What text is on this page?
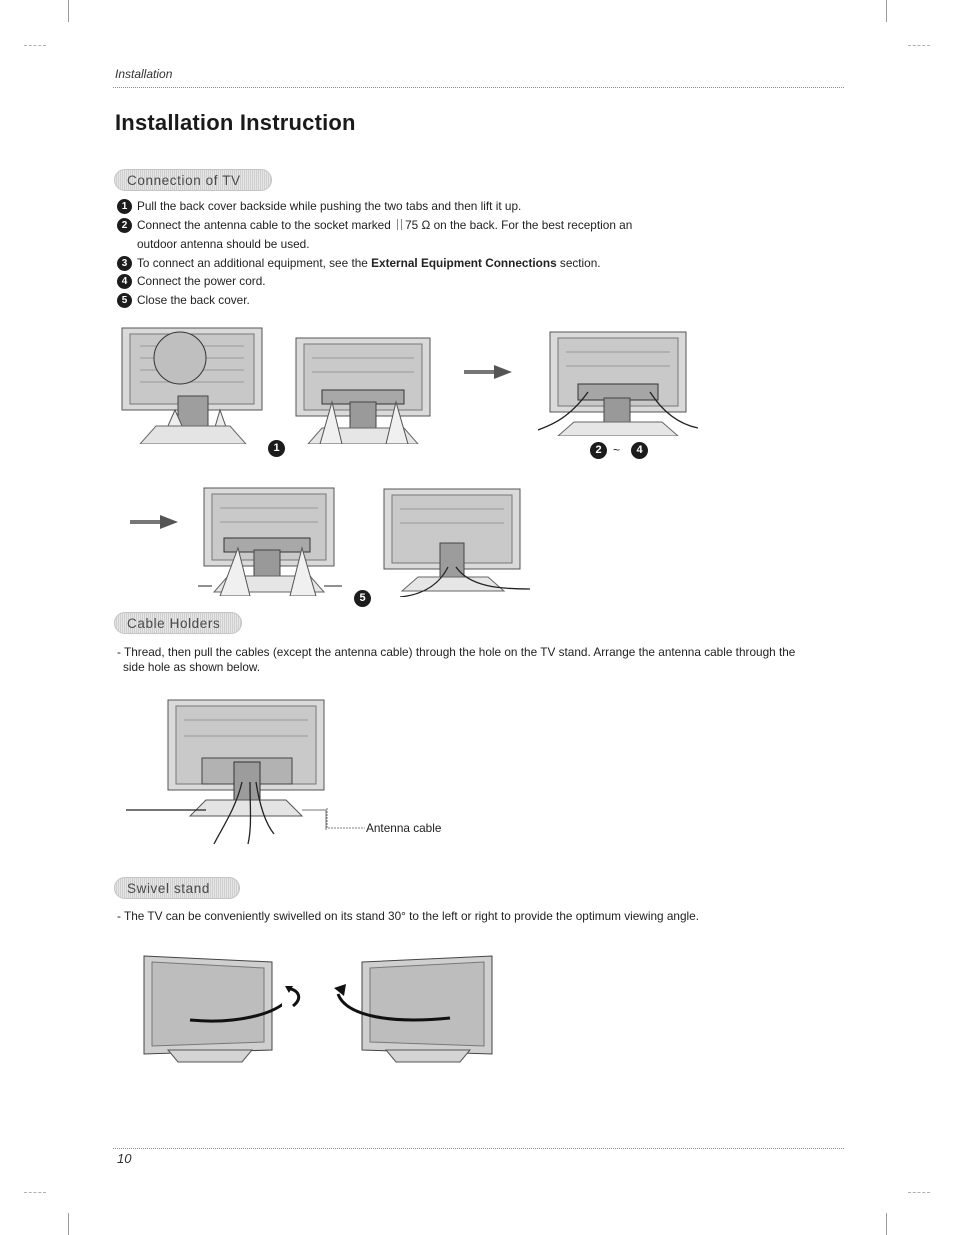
Installation
Installation Instruction
Connection of TV
1 Pull the back cover backside while pushing the two tabs and then lift it up.
2 Connect the antenna cable to the socket marked 75 Ω on the back. For the best reception an
outdoor antenna should be used.
3 To connect an additional equipment, see the External Equipment Connections section.
4 Connect the power cord.
5 Close the back cover.
1	2 ~	4
5
Cable Holders
- Thread, then pull the cables (except the antenna cable) through the hole on the TV stand. Arrange the antenna cable through the
side hole as shown below.
Antenna cable
Swivel stand
- The TV can be conveniently swivelled on its stand 30° to the left or right to provide the optimum viewing angle.
10
